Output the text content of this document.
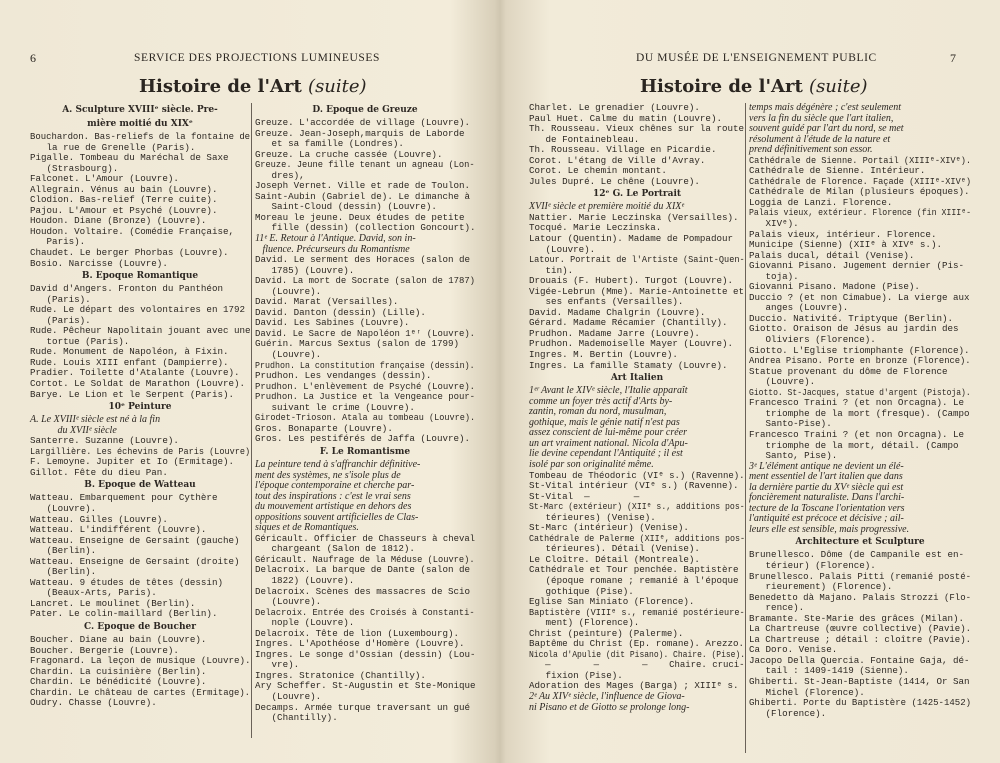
6	SERVICE DES PROJECTIONS LUMINEUSES
Histoire de l'Art (suite)

A. Sculpture XVIIIᵉ siècle. Pre-

mière moitié du XIXᵉ

Bouchardon. Bas-reliefs de la fontaine de

la rue de Grenelle (Paris).

Pigalle. Tombeau du Maréchal de Saxe

(Strasbourg).

Falconet. L'Amour (Louvre).

Allegrain. Vénus au bain (Louvre).

Clodion. Bas-relief (Terre cuite).

Pajou. L'Amour et Psyché (Louvre).

Houdon. Diane (Bronze) (Louvre).

Houdon. Voltaire. (Comédie Française,

Paris).

Chaudet. Le berger Phorbas (Louvre).

Bosio. Narcisse (Louvre).

B. Epoque Romantique

David d'Angers. Fronton du Panthéon

(Paris).

Rude. Le départ des volontaires en 1792

(Paris).

Rude. Pêcheur Napolitain jouant avec une

tortue (Paris).

Rude. Monument de Napoléon, à Fixin.

Rude. Louis XIII enfant (Dampierre).

Pradier. Toilette d'Atalante (Louvre).

Cortot. Le Soldat de Marathon (Louvre).

Barye. Le Lion et le Serpent (Paris).

10ᵉ Peinture

A. Le XVIIIᵉ siècle est né à la fin

du XVIIᵉ siècle

Santerre. Suzanne (Louvre).

Largillière. Les échevins de Paris (Louvre)

F. Lemoyne. Jupiter et Io (Ermitage).

Gillot. Fête du dieu Pan.

B. Epoque de Watteau

Watteau. Embarquement pour Cythère

(Louvre).

Watteau. Gilles (Louvre).

Watteau. L'indifférent (Louvre).

Watteau. Enseigne de Gersaint (gauche)

(Berlin).

Watteau. Enseigne de Gersaint (droite)

(Berlin).

Watteau. 9 études de têtes (dessin)

(Beaux-Arts, Paris).

Lancret. Le moulinet (Berlin).

Pater. Le colin-maillard (Berlin).

C. Epoque de Boucher

Boucher. Diane au bain (Louvre).

Boucher. Bergerie (Louvre).

Fragonard. La leçon de musique (Louvre).

Chardin. La cuisinière (Berlin).

Chardin. Le bénédicité (Louvre).

Chardin. Le château de cartes (Ermitage).

Oudry. Chasse (Louvre).

D. Epoque de Greuze

Greuze. L'accordée de village (Louvre).

Greuze. Jean-Joseph,marquis de Laborde

et sa famille (Londres).

Greuze. La cruche cassée (Louvre).

Greuze. Jeune fille tenant un agneau (Lon-

dres),

Joseph Vernet. Ville et rade de Toulon.

Saint-Aubin (Gabriel de). Le dimanche à

Saint-Cloud (dessin) (Louvre).

Moreau le jeune. Deux études de petite

fille (dessin) (collection Goncourt).

11ᵉ E. Retour à l'Antique. David, son in-

fluence. Précurseurs du Romantisme

David. Le serment des Horaces (salon de

1785) (Louvre).

David. La mort de Socrate (salon de 1787)

(Louvre).

David. Marat (Versailles).

David. Danton (dessin) (Lille).

David. Les Sabines (Louvre).

David. Le Sacre de Napoléon 1ᵉʳ (Louvre).

Guérin. Marcus Sextus (salon de 1799)

(Louvre).

Prudhon. La constitution française (dessin).

Prudhon. Les vendanges (dessin).

Prudhon. L'enlèvement de Psyché (Louvre).

Prudhon. La Justice et la Vengeance pour-

suivant le crime (Louvre).

Girodet-Trioson. Atala au tombeau (Louvre).

Gros. Bonaparte (Louvre).

Gros. Les pestiférés de Jaffa (Louvre).

F. Le Romantisme

La peinture tend à s'affranchir définitive-

ment des systèmes, ne s'isole plus de

l'époque contemporaine et cherche par-

tout des inspirations : c'est le vrai sens

du mouvement artistique en dehors des

oppositions souvent artificielles de Clas-

siques et de Romantiques.

Géricault. Officier de Chasseurs à cheval

chargeant (Salon de 1812).

Géricault. Naufrage de la Méduse (Louvre).

Delacroix. La barque de Dante (salon de

1822) (Louvre).

Delacroix. Scènes des massacres de Scio

(Louvre).

Delacroix. Entrée des Croisés à Constanti-

nople (Louvre).

Delacroix. Tête de lion (Luxembourg).

Ingres. L'Apothéose d'Homère (Louvre).

Ingres. Le songe d'Ossian (dessin) (Lou-

vre).

Ingres. Stratonice (Chantilly).

Ary Scheffer. St-Augustin et Ste-Monique

(Louvre).

Decamps. Armée turque traversant un gué

(Chantilly).

DU MUSÉE DE L'ENSEIGNEMENT PUBLIC	7
Histoire de l'Art (suite)

Charlet. Le grenadier (Louvre).

Paul Huet. Calme du matin (Louvre).

Th. Rousseau. Vieux chênes sur la route

de Fontainebleau.

Th. Rousseau. Village en Picardie.

Corot. L'étang de Ville d'Avray.

Corot. Le chemin montant.

Jules Dupré. Le chêne (Louvre).

12ᵉ G. Le Portrait

XVIIᵉ siècle et première moitié du XIXᵉ

Nattier. Marie Leczinska (Versailles).

Tocqué. Marie Leczinska.

Latour (Quentin). Madame de Pompadour

(Louvre).

Latour. Portrait de l'Artiste (Saint-Quen-

tin).

Drouais (F. Hubert). Turgot (Louvre).

Vigée-Lebrun (Mme). Marie-Antoinette et

ses enfants (Versailles).

David. Madame Chalgrin (Louvre).

Gérard. Madame Récamier (Chantilly).

Prudhon. Madame Jarre (Louvre).

Prudhon. Mademoiselle Mayer (Louvre).

Ingres. M. Bertin (Louvre).

Ingres. La famille Stamaty (Louvre).

Art Italien

1ᵉʳ Avant le XIVᵉ siècle, l'Italie apparaît

comme un foyer très actif d'Arts by-

zantin, roman du nord, musulman,

gothique, mais le génie natif n'est pas

assez conscient de lui-même pour créer

un art vraiment national. Nicola d'Apu-

lie devine cependant l'Antiquité ; il est

isolé par son originalité même.

Tombeau de Théodoric (VIᵉ s.) (Ravenne).

St-Vital intérieur (VIᵉ s.) (Ravenne).

St-Vital  —        —

St-Marc (extérieur) (XIIᵉ s., additions pos-

térieures) (Venise).

St-Marc (intérieur) (Venise).

Cathédrale de Palerme (XIIᵉ, additions pos-

térieures). Détail (Venise).

Le Cloître. Détail (Montreale).

Cathédrale et Tour penchée. Baptistère

(époque romane ; remanié à l'époque

gothique (Pise).

Eglise San Miniato (Florence).

Baptistère (VIIIᵉ s., remanié postérieure-

ment) (Florence).

Christ (peinture) (Palerme).

Baptême du Christ (Ep. romane). Arezzo.

Nicola d'Apulie (dit Pisano). Chaire. (Pise).

—        —        —    Chaire. cruci-

fixion (Pise).

Adoration des Mages (Barga) ; XIIIᵉ s.

2ᵉ Au XIVᵉ siècle, l'influence de Giova-

ni Pisano et de Giotto se prolonge long-

temps mais dégénère ; c'est seulement

vers la fin du siècle que l'art italien,

souvent guidé par l'art du nord, se met

résolument à l'étude de la nature et

prend définitivement son essor.

Cathédrale de Sienne. Portail (XIIIᵉ-XIVᵉ).

Cathédrale de Sienne. Intérieur.

Cathédrale de Florence. Façade (XIIIᵉ-XIVᵉ)

Cathédrale de Milan (plusieurs époques).

Loggia de Lanzi. Florence.

Palais vieux, extérieur. Florence (fin XIIIᵉ-

XIVᵉ).

Palais vieux, intérieur. Florence.

Municipe (Sienne) (XIIᵉ à XIVᵉ s.).

Palais ducal, détail (Venise).

Giovanni Pisano. Jugement dernier (Pis-

toja).

Giovanni Pisano. Madone (Pise).

Duccio ? (et non Cimabue). La vierge aux

anges (Louvre).

Duccio. Nativité. Triptyque (Berlin).

Giotto. Oraison de Jésus au jardin des

Oliviers (Florence).

Giotto. L'Eglise triomphante (Florence).

Andrea Pisano. Porte en bronze (Florence).

Statue provenant du dôme de Florence

(Louvre).

Giotto. St-Jacques, statue d'argent (Pistoja).

Francesco Traini ? (et non Orcagna). Le

triomphe de la mort (fresque). (Campo

Santo-Pise).

Francesco Traini ? (et non Orcagna). Le

triomphe de la mort, détail. (Campo

Santo, Pise).

3ᵉ L'élément antique ne devient un élé-

ment essentiel de l'art italien que dans

la dernière partie du XVᵉ siècle qui est

foncièrement naturaliste. Dans l'archi-

tecture de la Toscane l'orientation vers

l'antiquité est précoce et décisive ; ail-

leurs elle est sensible, mais progressive.

Architecture et Sculpture

Brunellesco. Dôme (de Campanile est en-

térieur) (Florence).

Brunellesco. Palais Pitti (remanié posté-

rieurement) (Florence).

Benedetto dà Majano. Palais Strozzi (Flo-

rence).

Bramante. Ste-Marie des grâces (Milan).

La Chartreuse (œuvre collective) (Pavie).

La Chartreuse ; détail : cloître (Pavie).

Ca Doro. Venise.

Jacopo Della Quercia. Fontaine Gaja, dé-

tail : 1409-1419 (Sienne).

Ghiberti. St-Jean-Baptiste (1414, Or San

Michel (Florence).

Ghiberti. Porte du Baptistère (1425-1452)

(Florence).
